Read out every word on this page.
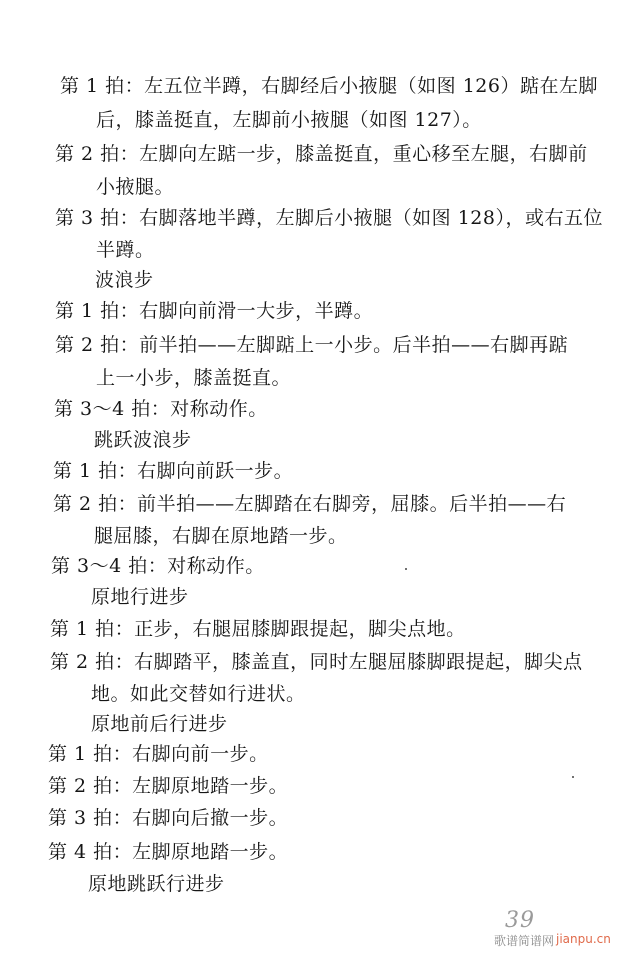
第 1 拍：左五位半蹲，右脚经后小掖腿（如图 126）踮在左脚
后，膝盖挺直，左脚前小掖腿（如图 127）。
第 2 拍：左脚向左踮一步，膝盖挺直，重心移至左腿，右脚前
小掖腿。
第 3 拍：右脚落地半蹲，左脚后小掖腿（如图 128），或右五位
半蹲。
波浪步
第 1 拍：右脚向前滑一大步，半蹲。
第 2 拍：前半拍——左脚踮上一小步。后半拍——右脚再踮
上一小步，膝盖挺直。
第 3～4 拍：对称动作。
跳跃波浪步
第 1 拍：右脚向前跃一步。
第 2 拍：前半拍——左脚踏在右脚旁，屈膝。后半拍——右
腿屈膝，右脚在原地踏一步。
第 3～4 拍：对称动作。
原地行进步
第 1 拍：正步，右腿屈膝脚跟提起，脚尖点地。
第 2 拍：右脚踏平，膝盖直，同时左腿屈膝脚跟提起，脚尖点
地。如此交替如行进状。
原地前后行进步
第 1 拍：右脚向前一步。
第 2 拍：左脚原地踏一步。
第 3 拍：右脚向后撤一步。
第 4 拍：左脚原地踏一步。
原地跳跃行进步
39
歌谱简谱网 jianpu.cn
